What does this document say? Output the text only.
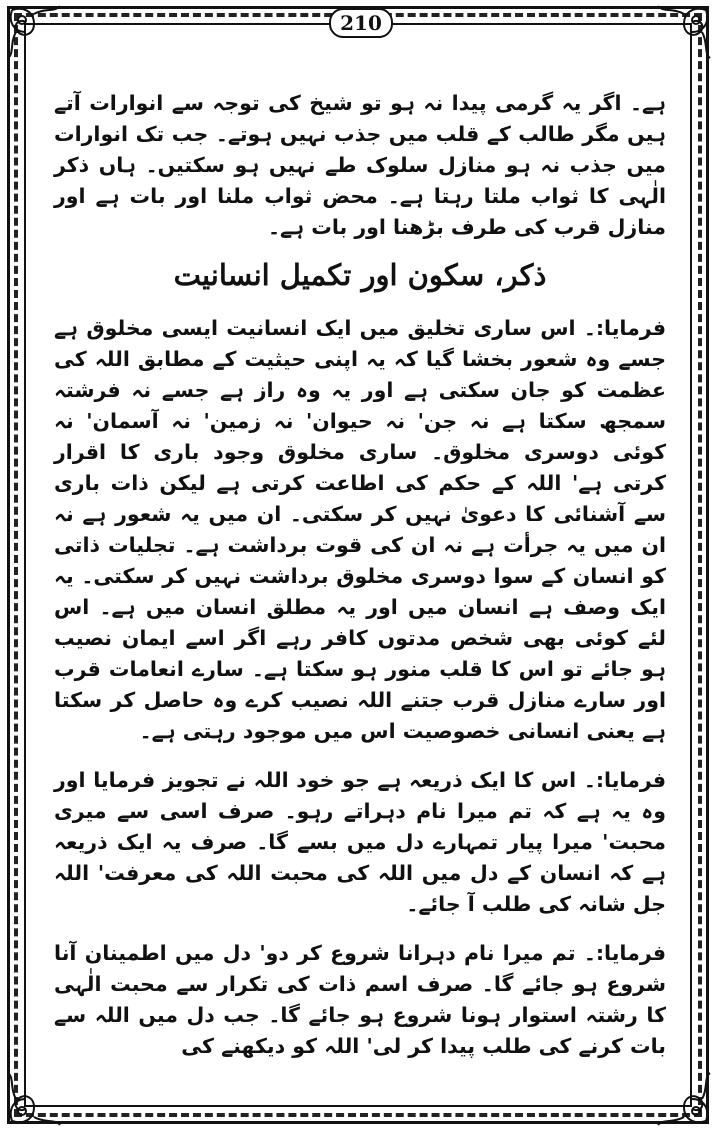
210

ہے۔ اگر یہ گرمی پیدا نہ ہو تو شیخ کی توجہ سے انوارات آتے ہیں مگر طالب کے قلب میں جذب نہیں ہوتے۔ جب تک انوارات میں جذب نہ ہو منازل سلوک طے نہیں ہو سکتیں۔ ہاں ذکر الٰہی کا ثواب ملتا رہتا ہے۔ محض ثواب ملنا اور بات ہے اور منازل قرب کی طرف بڑھنا اور بات ہے۔

ذکر، سکون اور تکمیل انسانیت

فرمایا:۔ اس ساری تخلیق میں ایک انسانیت ایسی مخلوق ہے جسے وہ شعور بخشا گیا کہ یہ اپنی حیثیت کے مطابق اللہ کی عظمت کو جان سکتی ہے اور یہ وہ راز ہے جسے نہ فرشتہ سمجھ سکتا ہے نہ جن' نہ حیوان' نہ زمین' نہ آسمان' نہ کوئی دوسری مخلوق۔ ساری مخلوق وجود باری کا اقرار کرتی ہے' اللہ کے حکم کی اطاعت کرتی ہے لیکن ذات باری سے آشنائی کا دعویٰ نہیں کر سکتی۔ ان میں یہ شعور ہے نہ ان میں یہ جرأت ہے نہ ان کی قوت برداشت ہے۔ تجلیات ذاتی کو انسان کے سوا دوسری مخلوق برداشت نہیں کر سکتی۔ یہ ایک وصف ہے انسان میں اور یہ مطلق انسان میں ہے۔ اس لئے کوئی بھی شخص مدتوں کافر رہے اگر اسے ایمان نصیب ہو جائے تو اس کا قلب منور ہو سکتا ہے۔ سارے انعامات قرب اور سارے منازل قرب جتنے اللہ نصیب کرے وہ حاصل کر سکتا ہے یعنی انسانی خصوصیت اس میں موجود رہتی ہے۔

فرمایا:۔ اس کا ایک ذریعہ ہے جو خود اللہ نے تجویز فرمایا اور وہ یہ ہے کہ تم میرا نام دہراتے رہو۔ صرف اسی سے میری محبت' میرا پیار تمہارے دل میں بسے گا۔ صرف یہ ایک ذریعہ ہے کہ انسان کے دل میں اللہ کی محبت اللہ کی معرفت' اللہ جل شانہ کی طلب آ جائے۔

فرمایا:۔ تم میرا نام دہرانا شروع کر دو' دل میں اطمینان آنا شروع ہو جائے گا۔ صرف اسم ذات کی تکرار سے محبت الٰہی کا رشتہ استوار ہونا شروع ہو جائے گا۔ جب دل میں اللہ سے بات کرنے کی طلب پیدا کر لی' اللہ کو دیکھنے کی
